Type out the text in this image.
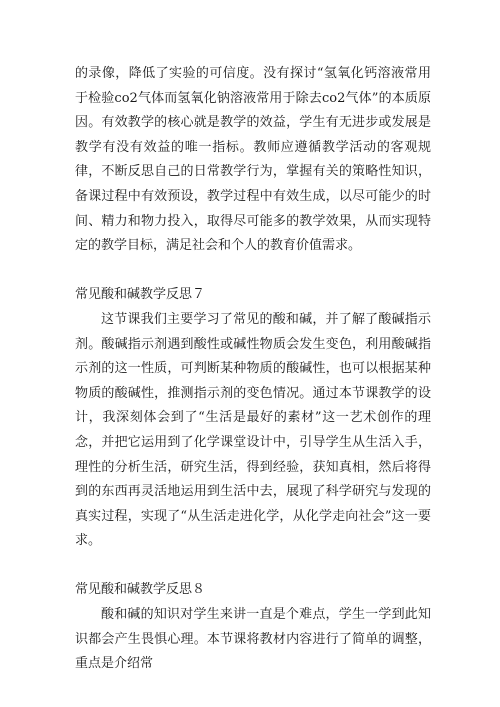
的录像，降低了实验的可信度。没有探讨“氢氧化钙溶液常用于检验co2气体而氢氧化钠溶液常用于除去co2气体”的本质原因。有效教学的核心就是教学的效益，学生有无进步或发展是教学有没有效益的唯一指标。教师应遵循教学活动的客观规律，不断反思自己的日常教学行为，掌握有关的策略性知识，备课过程中有效预设，教学过程中有效生成，以尽可能少的时间、精力和物力投入，取得尽可能多的教学效果，从而实现特定的教学目标，满足社会和个人的教育价值需求。

常见酸和碱教学反思７

这节课我们主要学习了常见的酸和碱，并了解了酸碱指示剂。酸碱指示剂遇到酸性或碱性物质会发生变色，利用酸碱指示剂的这一性质，可判断某种物质的酸碱性，也可以根据某种物质的酸碱性，推测指示剂的变色情况。通过本节课教学的设计，我深刻体会到了“生活是最好的素材”这一艺术创作的理念，并把它运用到了化学课堂设计中，引导学生从生活入手，理性的分析生活，研究生活，得到经验，获知真相，然后将得到的东西再灵活地运用到生活中去，展现了科学研究与发现的真实过程，实现了“从生活走进化学，从化学走向社会”这一要求。

常见酸和碱教学反思８

酸和碱的知识对学生来讲一直是个难点，学生一学到此知识都会产生畏惧心理。本节课将教材内容进行了简单的调整，重点是介绍常
